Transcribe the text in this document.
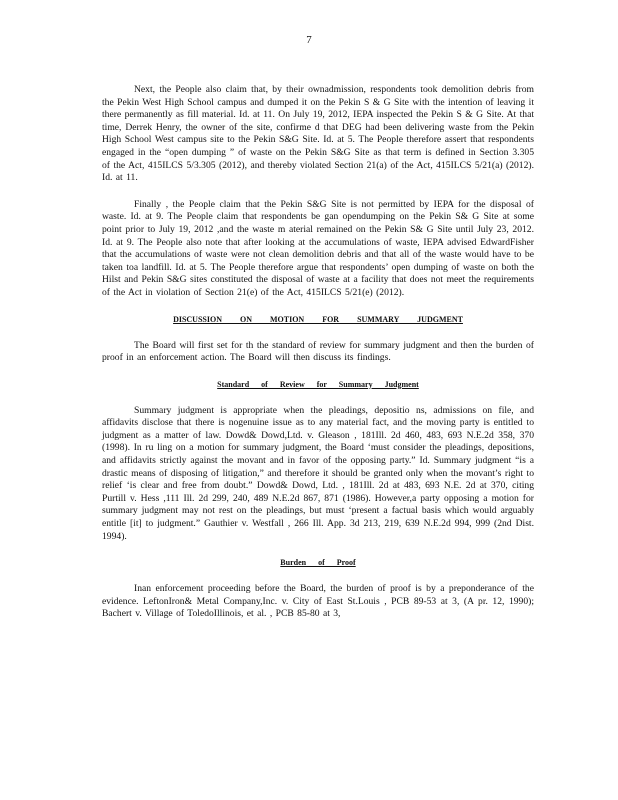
7

Next, the People also claim that, by their ownadmission, respondents took demolition debris from the Pekin West High School campus and dumped it on the Pekin S & G Site with the intention of leaving it there permanently as fill material. Id. at 11. On July 19, 2012, IEPA inspected the Pekin S & G Site. At that time, Derrek Henry, the owner of the site, confirme d that DEG had been delivering waste from the Pekin High School West campus site to the Pekin S&G Site. Id. at 5. The People therefore assert that respondents engaged in the “open dumping ” of waste on the Pekin S&G Site as that term is defined in Section 3.305 of the Act, 415ILCS 5/3.305 (2012), and thereby violated Section 21(a) of the Act, 415ILCS 5/21(a) (2012). Id. at 11.

Finally , the People claim that the Pekin S&G Site is not permitted by IEPA for the disposal of waste. Id. at 9. The People claim that respondents be gan opendumping on the Pekin S& G Site at some point prior to July 19, 2012 ,and the waste m aterial remained on the Pekin S& G Site until July 23, 2012. Id. at 9. The People also note that after looking at the accumulations of waste, IEPA advised EdwardFisher that the accumulations of waste were not clean demolition debris and that all of the waste would have to be taken toa landfill. Id. at 5. The People therefore argue that respondents’ open dumping of waste on both the Hilst and Pekin S&G sites constituted the disposal of waste at a facility that does not meet the requirements of the Act in violation of Section 21(e) of the Act, 415ILCS 5/21(e) (2012).

DISCUSSION ON MOTION FOR SUMMARY JUDGMENT

The Board will first set for th the standard of review for summary judgment and then the burden of proof in an enforcement action. The Board will then discuss its findings.

Standard of Review for Summary Judgment

Summary judgment is appropriate when the pleadings, depositio ns, admissions on file, and affidavits disclose that there is nogenuine issue as to any material fact, and the moving party is entitled to judgment as a matter of law. Dowd& Dowd,Ltd. v. Gleason , 181Ill. 2d 460, 483, 693 N.E.2d 358, 370 (1998). In ru ling on a motion for summary judgment, the Board ‘must consider the pleadings, depositions, and affidavits strictly against the movant and in favor of the opposing party.” Id. Summary judgment “is a drastic means of disposing of litigation,” and therefore it should be granted only when the movant’s right to relief ‘is clear and free from doubt.” Dowd& Dowd, Ltd. , 181Ill. 2d at 483, 693 N.E. 2d at 370, citing Purtill v. Hess ,111 Ill. 2d 299, 240, 489 N.E.2d 867, 871 (1986). However,a party opposing a motion for summary judgment may not rest on the pleadings, but must ‘present a factual basis which would arguably entitle [it] to judgment.” Gauthier v. Westfall , 266 Ill. App. 3d 213, 219, 639 N.E.2d 994, 999 (2nd Dist. 1994).

Burden of Proof

Inan enforcement proceeding before the Board, the burden of proof is by a preponderance of the evidence. LeftonIron& Metal Company,Inc. v. City of East St.Louis , PCB 89-53 at 3, (A pr. 12, 1990); Bachert v. Village of ToledoIllinois, et al. , PCB 85-80 at 3,
